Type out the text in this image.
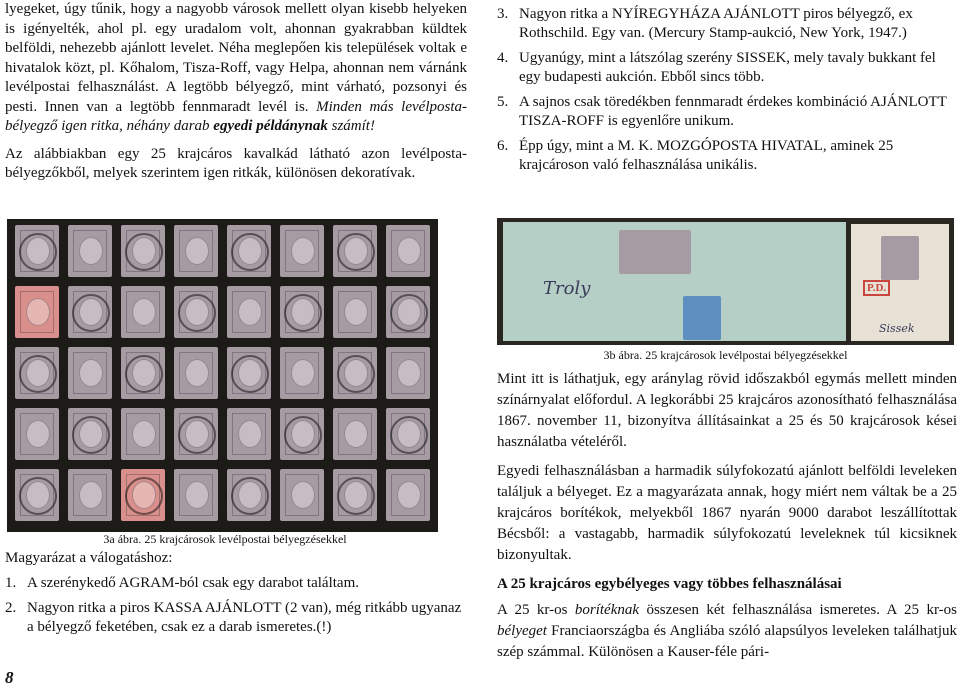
lyegeket, úgy tűnik, hogy a nagyobb városok mellett olyan kisebb helyeken is igényelték, ahol pl. egy uradalom volt, ahonnan gyakrabban küldtek belföldi, nehezebb ajánlott levelet. Néha meglepően kis települések voltak e hivatalok közt, pl. Kőhalom, Tisza-Roff, vagy Helpa, ahonnan nem várnánk levélpostai felhasználást. A legtöbb bélyegző, mint várható, pozsonyi és pesti. Innen van a legtöbb fennmaradt levél is. Minden más levélposta-bélyegző igen ritka, néhány darab egyedi példánynak számít!

Az alábbiakban egy 25 krajcáros kavalkád látható azon levélposta-bélyegzőkből, melyek szerintem igen ritkák, különösen dekoratívak.

3a ábra. 25 krajcárosok levélpostai bélyegzésekkel
Magyarázat a válogatáshoz:
1. A szerénykedő AGRAM-ból csak egy darabot találtam.
2. Nagyon ritka a piros KASSA AJÁNLOTT (2 van), még ritkább ugyanaz a bélyegző feketében, csak ez a darab ismeretes.(!)
3. Nagyon ritka a NYÍREGYHÁZA AJÁNLOTT piros bélyegző, ex Rothschild. Egy van. (Mercury Stamp-aukció, New York, 1947.)
4. Ugyanúgy, mint a látszólag szerény SISSEK, mely tavaly bukkant fel egy budapesti aukción. Ebből sincs több.
5. A sajnos csak töredékben fennmaradt érdekes kombináció AJÁNLOTT TISZA-ROFF is egyenlőre unikum.
6. Épp úgy, mint a M. K. MOZGÓPOSTA HIVATAL, aminek 25 krajcároson való felhasználása unikális.
Troly	P.D.
Sissek
3b ábra. 25 krajcárosok levélpostai bélyegzésekkel

Mint itt is láthatjuk, egy aránylag rövid időszakból egymás mellett minden színárnyalat előfordul. A legkorábbi 25 krajcáros azonosítható felhasználása 1867. november 11, bizonyítva állításainkat a 25 és 50 krajcárosok kései használatba vételéről.

Egyedi felhasználásban a harmadik súlyfokozatú ajánlott belföldi leveleken találjuk a bélyeget. Ez a magyarázata annak, hogy miért nem váltak be a 25 krajcáros borítékok, melyekből 1867 nyarán 9000 darabot leszállítottak Bécsből: a vastagabb, harmadik súlyfokozatú leveleknek túl kicsiknek bizonyultak.

A 25 krajcáros egybélyeges vagy többes felhasználásai

A 25 kr-os borítéknak összesen két felhasználása ismeretes. A 25 kr-os bélyeget Franciaországba és Angliába szóló alapsúlyos leveleken találhatjuk szép számmal. Különösen a Kauser-féle pári-

8
